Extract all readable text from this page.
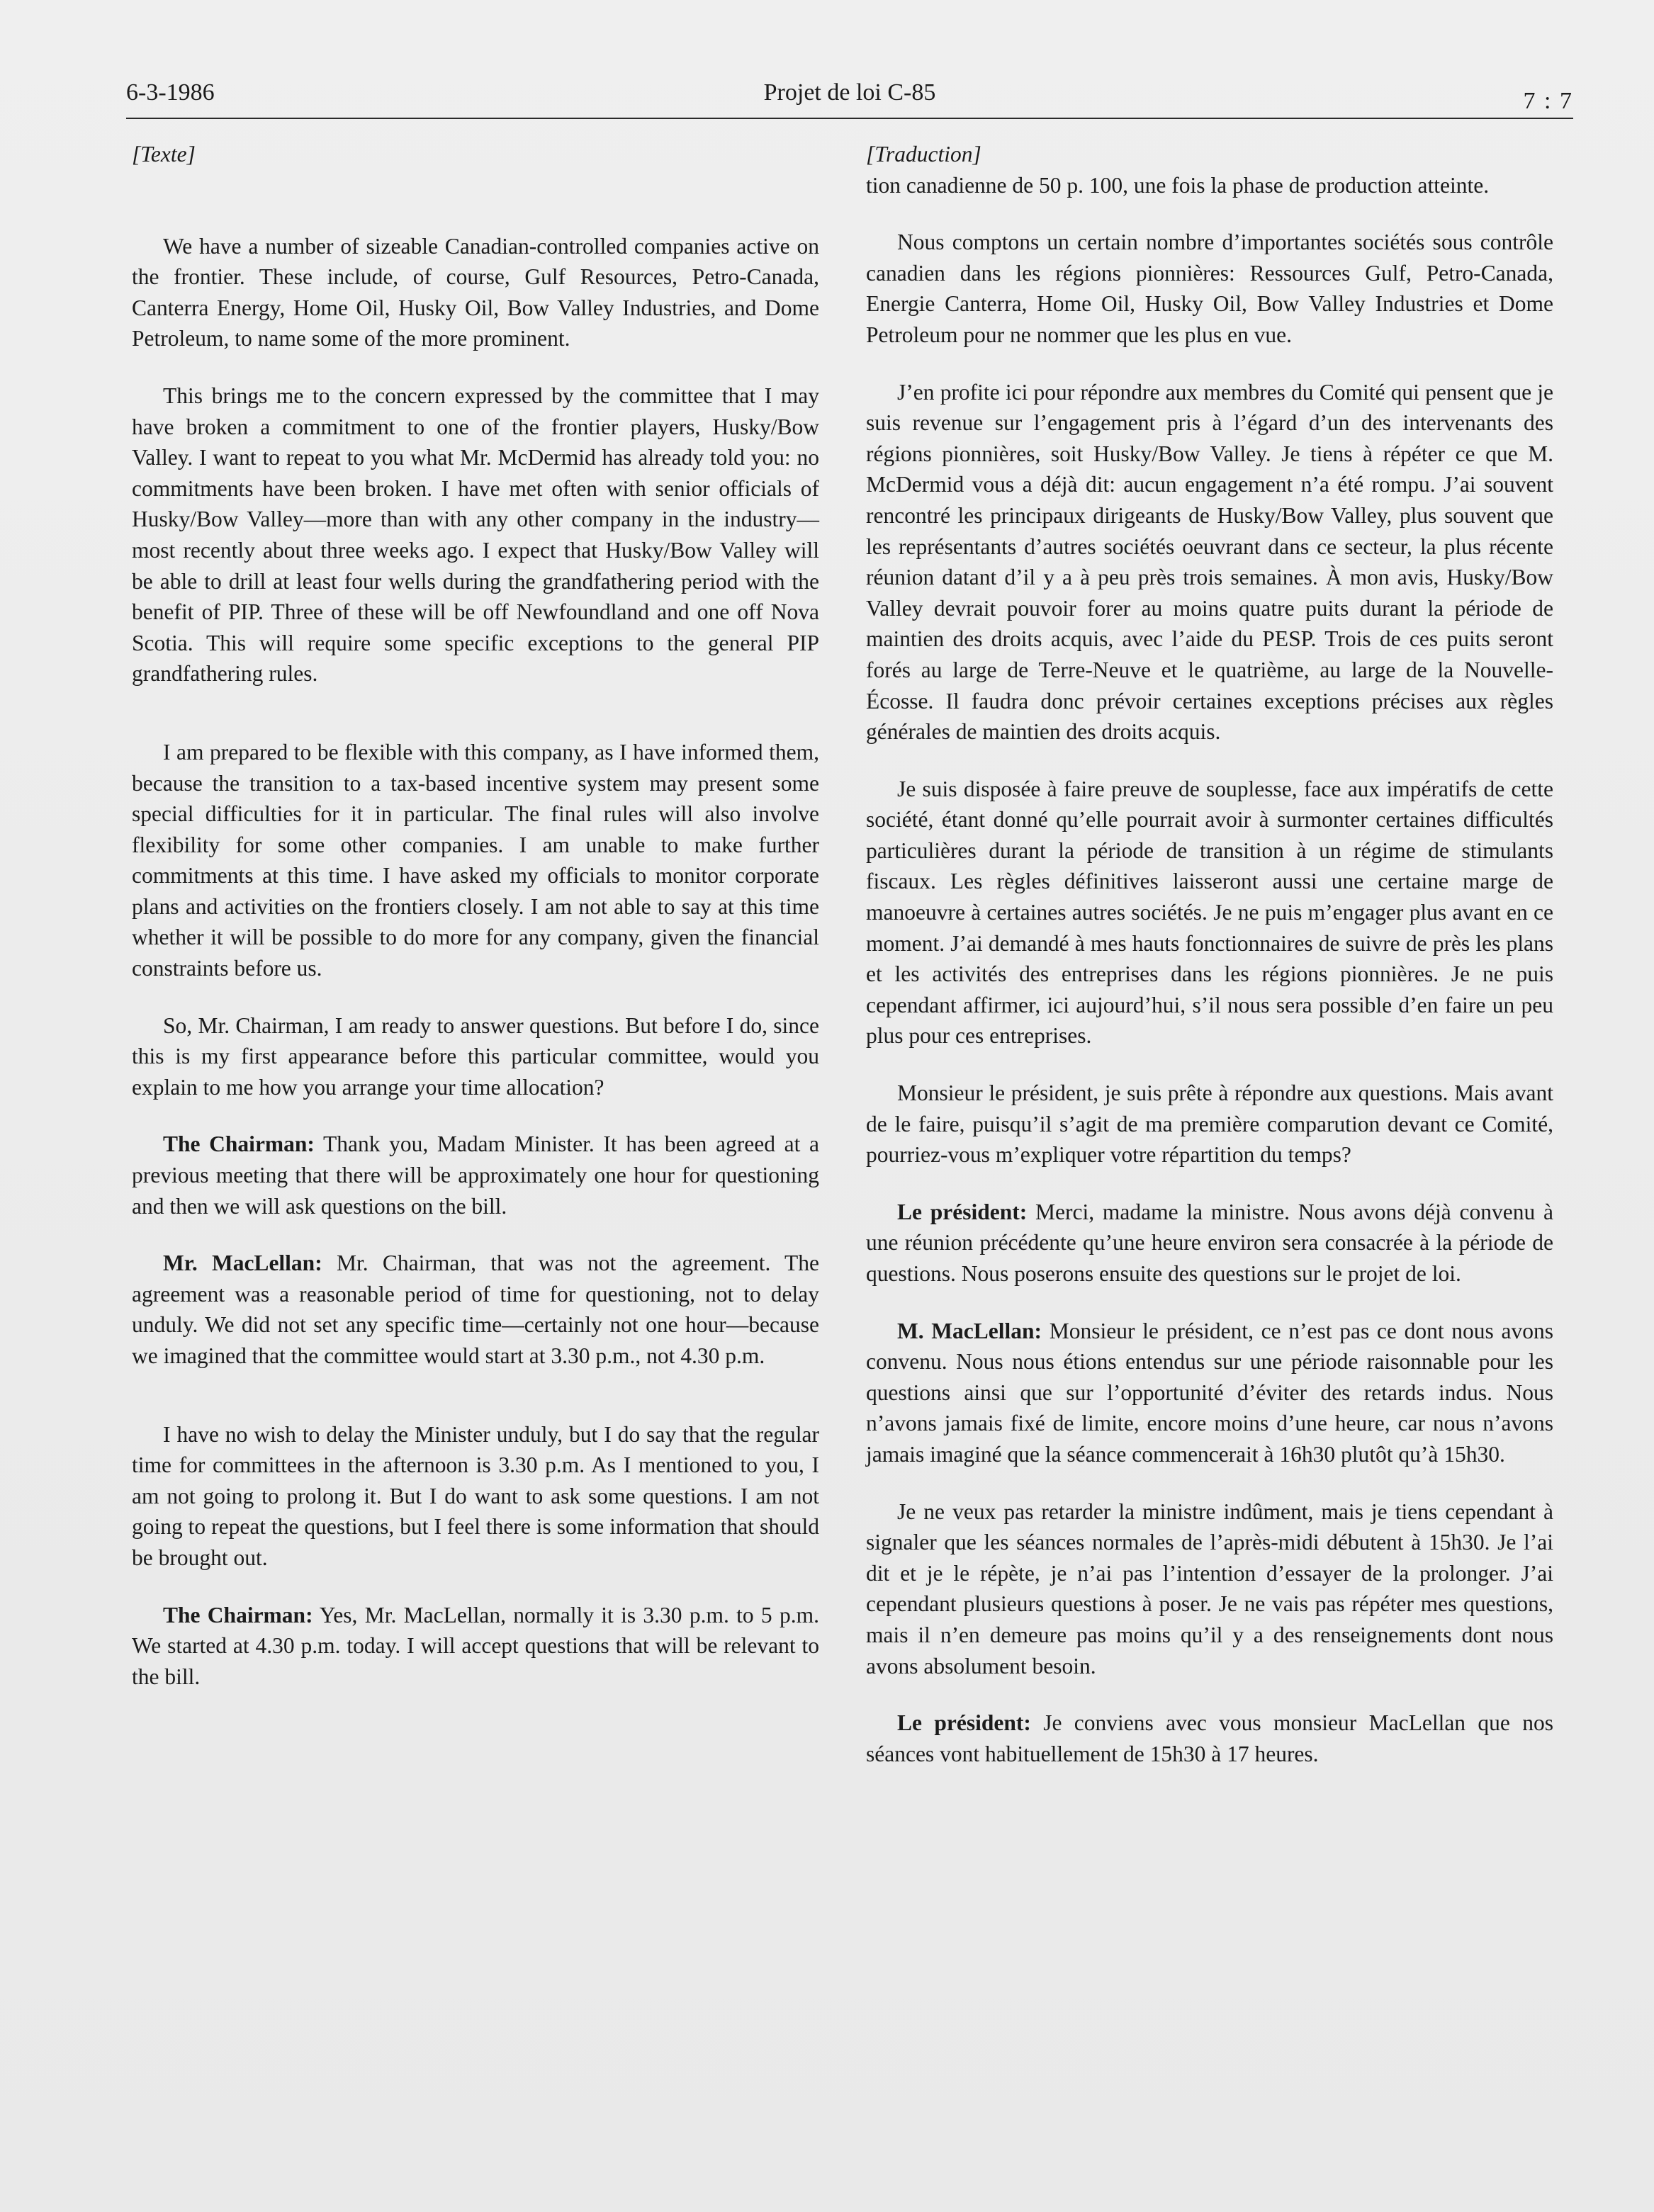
6-3-1986	Projet de loi C-85	7 : 7
[Texte]

We have a number of sizeable Canadian-controlled companies active on the frontier. These include, of course, Gulf Resources, Petro-Canada, Canterra Energy, Home Oil, Husky Oil, Bow Valley Industries, and Dome Petroleum, to name some of the more prominent.

This brings me to the concern expressed by the committee that I may have broken a commitment to one of the frontier players, Husky/Bow Valley. I want to repeat to you what Mr. McDermid has already told you: no commitments have been broken. I have met often with senior officials of Husky/Bow Valley—more than with any other company in the industry—most recently about three weeks ago. I expect that Husky/Bow Valley will be able to drill at least four wells during the grandfathering period with the benefit of PIP. Three of these will be off Newfoundland and one off Nova Scotia. This will require some specific exceptions to the general PIP grandfathering rules.

I am prepared to be flexible with this company, as I have informed them, because the transition to a tax-based incentive system may present some special difficulties for it in particular. The final rules will also involve flexibility for some other companies. I am unable to make further commitments at this time. I have asked my officials to monitor corporate plans and activities on the frontiers closely. I am not able to say at this time whether it will be possible to do more for any company, given the financial constraints before us.

So, Mr. Chairman, I am ready to answer questions. But before I do, since this is my first appearance before this particular committee, would you explain to me how you arrange your time allocation?

The Chairman: Thank you, Madam Minister. It has been agreed at a previous meeting that there will be approximately one hour for questioning and then we will ask questions on the bill.

Mr. MacLellan: Mr. Chairman, that was not the agreement. The agreement was a reasonable period of time for questioning, not to delay unduly. We did not set any specific time—certainly not one hour—because we imagined that the committee would start at 3.30 p.m., not 4.30 p.m.

I have no wish to delay the Minister unduly, but I do say that the regular time for committees in the afternoon is 3.30 p.m. As I mentioned to you, I am not going to prolong it. But I do want to ask some questions. I am not going to repeat the questions, but I feel there is some information that should be brought out.

The Chairman: Yes, Mr. MacLellan, normally it is 3.30 p.m. to 5 p.m. We started at 4.30 p.m. today. I will accept questions that will be relevant to the bill.

[Traduction]

tion canadienne de 50 p. 100, une fois la phase de production atteinte.

Nous comptons un certain nombre d’importantes sociétés sous contrôle canadien dans les régions pionnières: Ressources Gulf, Petro-Canada, Energie Canterra, Home Oil, Husky Oil, Bow Valley Industries et Dome Petroleum pour ne nommer que les plus en vue.

J’en profite ici pour répondre aux membres du Comité qui pensent que je suis revenue sur l’engagement pris à l’égard d’un des intervenants des régions pionnières, soit Husky/Bow Valley. Je tiens à répéter ce que M. McDermid vous a déjà dit: aucun engagement n’a été rompu. J’ai souvent rencontré les principaux dirigeants de Husky/Bow Valley, plus souvent que les représentants d’autres sociétés oeuvrant dans ce secteur, la plus récente réunion datant d’il y a à peu près trois semaines. À mon avis, Husky/Bow Valley devrait pouvoir forer au moins quatre puits durant la période de maintien des droits acquis, avec l’aide du PESP. Trois de ces puits seront forés au large de Terre-Neuve et le quatrième, au large de la Nouvelle-Écosse. Il faudra donc prévoir certaines exceptions précises aux règles générales de maintien des droits acquis.

Je suis disposée à faire preuve de souplesse, face aux impératifs de cette société, étant donné qu’elle pourrait avoir à surmonter certaines difficultés particulières durant la période de transition à un régime de stimulants fiscaux. Les règles définitives laisseront aussi une certaine marge de manoeuvre à certaines autres sociétés. Je ne puis m’engager plus avant en ce moment. J’ai demandé à mes hauts fonctionnaires de suivre de près les plans et les activités des entreprises dans les régions pionnières. Je ne puis cependant affirmer, ici aujourd’hui, s’il nous sera possible d’en faire un peu plus pour ces entreprises.

Monsieur le président, je suis prête à répondre aux questions. Mais avant de le faire, puisqu’il s’agit de ma première comparution devant ce Comité, pourriez-vous m’expliquer votre répartition du temps?

Le président: Merci, madame la ministre. Nous avons déjà convenu à une réunion précédente qu’une heure environ sera consacrée à la période de questions. Nous poserons ensuite des questions sur le projet de loi.

M. MacLellan: Monsieur le président, ce n’est pas ce dont nous avons convenu. Nous nous étions entendus sur une période raisonnable pour les questions ainsi que sur l’opportunité d’éviter des retards indus. Nous n’avons jamais fixé de limite, encore moins d’une heure, car nous n’avons jamais imaginé que la séance commencerait à 16h30 plutôt qu’à 15h30.

Je ne veux pas retarder la ministre indûment, mais je tiens cependant à signaler que les séances normales de l’après-midi débutent à 15h30. Je l’ai dit et je le répète, je n’ai pas l’intention d’essayer de la prolonger. J’ai cependant plusieurs questions à poser. Je ne vais pas répéter mes questions, mais il n’en demeure pas moins qu’il y a des renseignements dont nous avons absolument besoin.

Le président: Je conviens avec vous monsieur MacLellan que nos séances vont habituellement de 15h30 à 17 heures.
